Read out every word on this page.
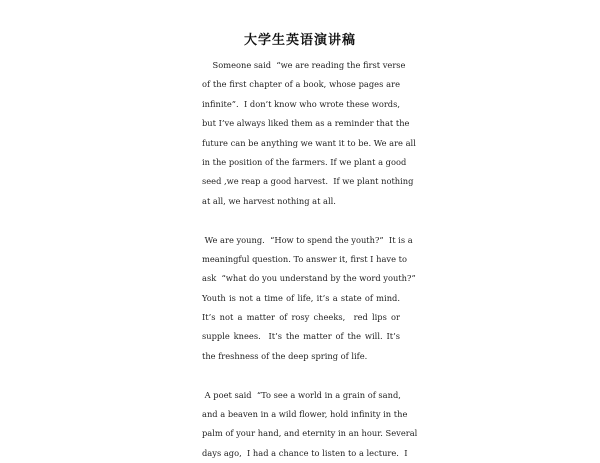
大学生英语演讲稿
Someone said  “we are reading the first verse
of the first chapter of a book, whose pages are
infinite”.  I don’t know who wrote these words,
but I’ve always liked them as a reminder that the
future can be anything we want it to be. We are all
in the position of the farmers. If we plant a good
seed ,we reap a good harvest.  If we plant nothing
at all, we harvest nothing at all.
We are young.  “How to spend the youth?”  It is a
meaningful question. To answer it, first I have to
ask  “what do you understand by the word youth?”
Youth is not a time of life, it’s a state of mind.
It’s not a matter of rosy cheeks,  red lips or
supple knees.  It’s the matter of the will. It’s
the freshness of the deep spring of life.
A poet said  “To see a world in a grain of sand,
and a beaven in a wild flower, hold infinity in the
palm of your hand, and eternity in an hour. Several
days ago,  I had a chance to listen to a lecture.  I
